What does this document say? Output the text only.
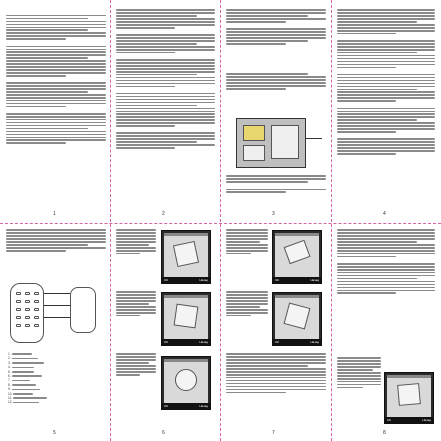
1	2	3	4
1.
2.
3.
4.
5.
6.
7.
8.
9.
10
11
12
5
ОК	Назад
ОК	Назад
ОК	Назад
6
ОК	Назад
ОК	Назад
7
ОК	Назад
8
